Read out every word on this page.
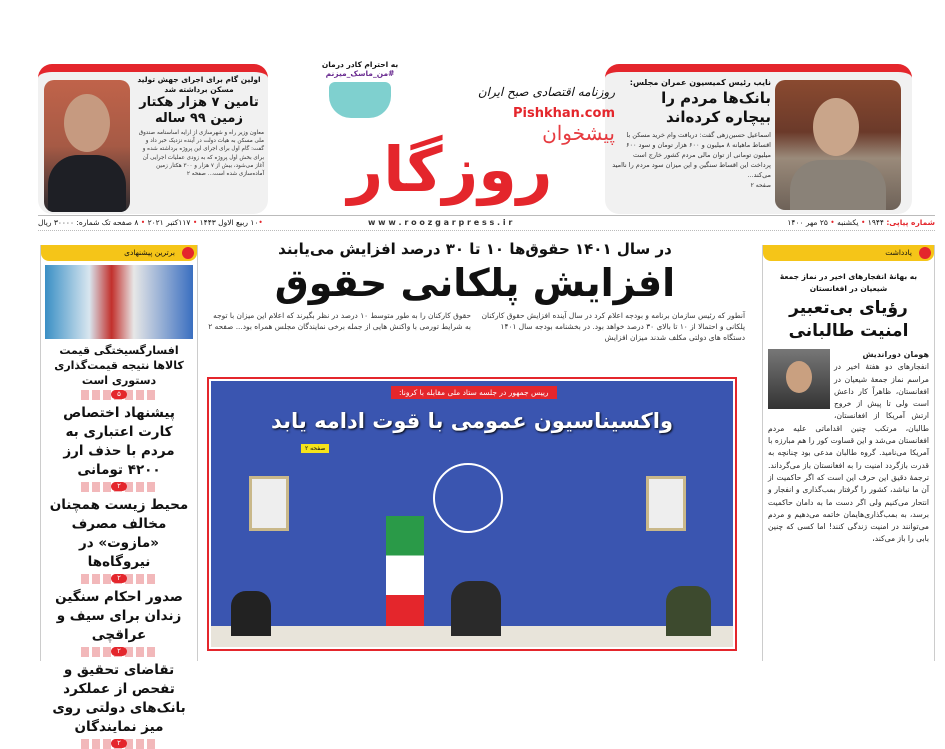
نایب رئیس کمیسیون عمران مجلس:
بانک‌ها مردم را بیچاره کرده‌اند
اسماعیل حسین‌زهی گفت: دریافت وام خرید مسکن با اقساط ماهیانه ۸ میلیون و ۶۰۰ هزار تومان و سود ۶۰۰ میلیون تومانی از توان مالی مردم کشور خارج است پرداخت این اقساط سنگین و این میزان سود مردم را ناامید می‌کند...
صفحه ۲
اولین گام برای اجرای جهش تولید مسکن برداشته شد
تامین ۷ هزار هکتار زمین ۹۹ ساله
معاون وزیر راه و شهرسازی از ارایه اساسنامه صندوق ملی مسکن به هیات دولت در آینده نزدیک خبر داد و گفت: گام اول برای اجرای این پروژه برداشته شده و برای بخش اول پروژه که به زودی عملیات اجرایی آن آغاز می‌شود، بیش از ۷ هزار و ۳۰۰ هکتار زمین آماده‌سازی شده است... صفحه ۲
به احترام کادر درمان
#من_ماسک_میزنم
روزنامه اقتصادی صبح ایران
Pishkhan.com پیشخوان
روزگار
شماره پیاپی: ۱۹۴۴ • یکشنبه • ۲۵ مهر ۱۴۰۰
w w w . r o o z g a r p r e s s . i r
•۱۰ ربیع الاول ۱۴۴۳ • ۱۱۷کتبر ۲۰۲۱ • ۸ صفحه تک شماره: ۳۰۰۰۰ ریال
در سال ۱۴۰۱ حقوق‌ها ۱۰ تا ۳۰ درصد افزایش می‌یابند
افزایش پلکانی حقوق
آنطور که رئیس سازمان برنامه و بودجه اعلام کرد در سال آینده افزایش حقوق کارکنان پلکانی و احتمالا از ۱۰ تا بالای ۳۰ درصد خواهد بود. در بخشنامه بودجه سال ۱۴۰۱ دستگاه های دولتی مکلف شدند میزان افزایش
حقوق کارکنان را به طور متوسط ۱۰ درصد در نظر بگیرند که اعلام این میزان با توجه به شرایط تورمی با واکنش هایی از جمله برخی نمایندگان مجلس همراه بود... صفحه ۲
رییس جمهور در جلسه ستاد ملی مقابله با کرونا:
واکسیناسیون عمومی با قوت ادامه یابد
صفحه ۲
برترین پیشنهادی
افسارگسیختگی قیمت کالاها نتیجه قیمت‌گذاری دستوری است
۵
پیشنهاد اختصاص کارت اعتباری به مردم با حذف ارز ۴۲۰۰ تومانی
۲
محیط زیست همچنان مخالف مصرف «مازوت» در نیروگاه‌ها
۲
صدور احکام سنگین زندان برای سیف و عراقچی
۲
تقاضای تحقیق و تفحص از عملکرد بانک‌های دولتی روی میز نمایندگان
۲
یادداشت
به بهانهٔ انفجارهای اخیر در نماز جمعهٔ شیعیان در افغانستان
رؤیای بی‌تعبیر امنیت طالبانی
هومان دوراندیش
انفجارهای دو هفتهٔ اخیر در مراسم نماز جمعهٔ شیعیان در افغانستان، ظاهراً کار داعش است ولی تا پیش از خروج ارتش آمریکا از افغانستان، طالبان، مرتکب چنین اقداماتی علیه مردم افغانستان می‌شد و این قساوت کور را هم مبارزه با آمریکا می‌نامید. گروه طالبان مدعی بود چنانچه به قدرت بازگردد امنیت را به افغانستان باز می‌گرداند. ترجمهٔ دقیق این حرف این است که اگر حاکمیت از آن ما نباشد، کشور را گرفتار بمب‌گذاری و انفجار و انتحار می‌کنیم ولی اگر دست ما به دامان حاکمیت برسد، به بمب‌گذاری‌هایمان خاتمه می‌دهیم و مردم می‌توانند در امنیت زندگی کنند! اما کسی که چنین بابی را باز می‌کند،
